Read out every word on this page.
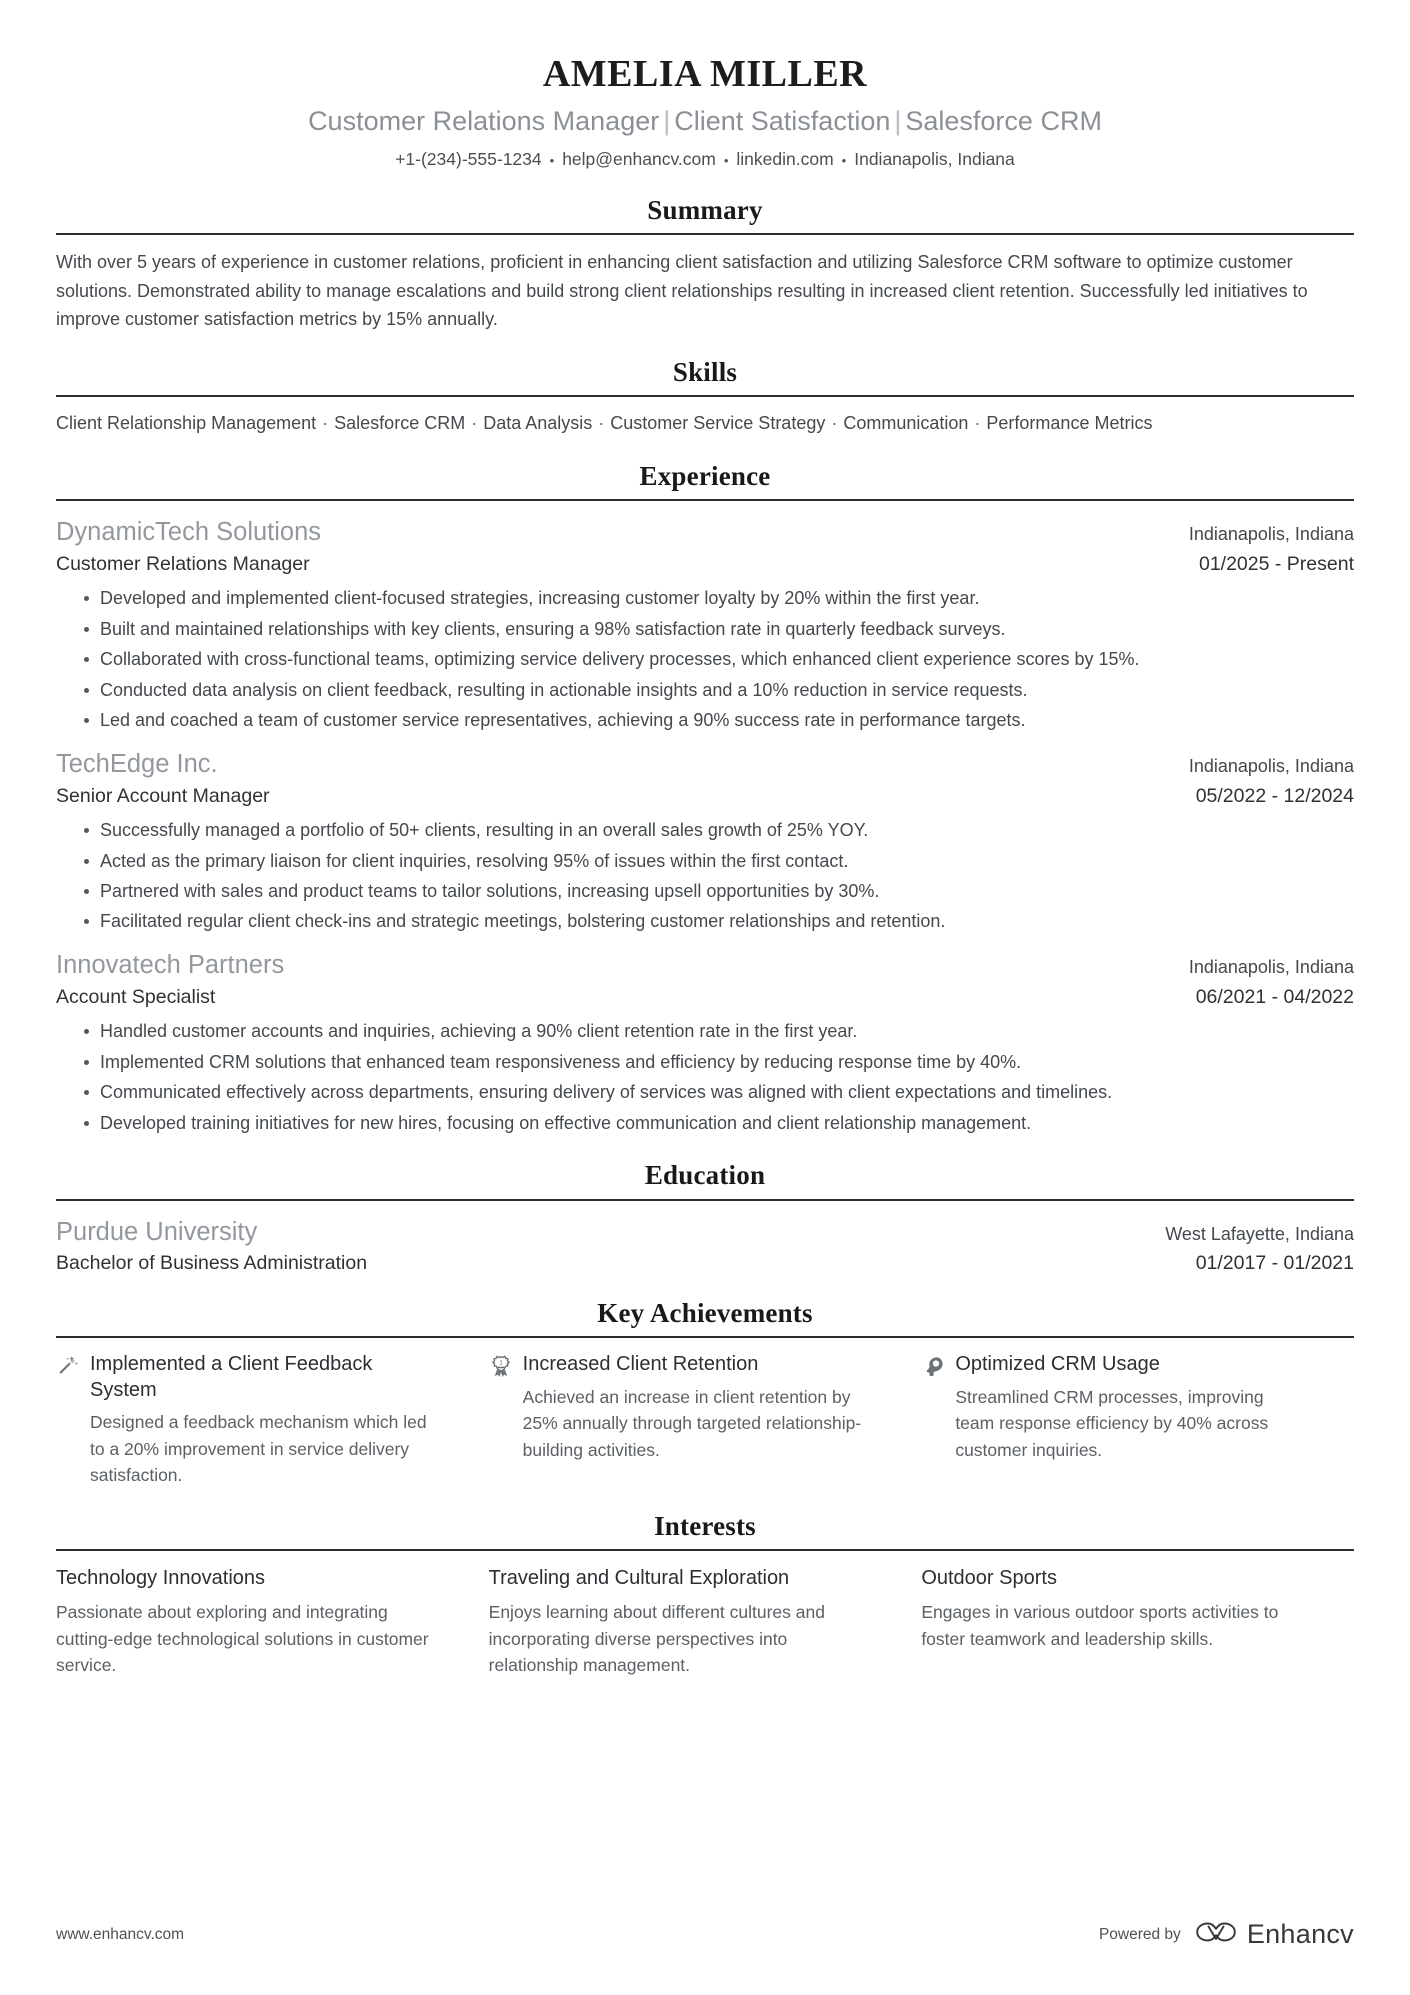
AMELIA MILLER
Customer Relations Manager | Client Satisfaction | Salesforce CRM
+1-(234)-555-1234 • help@enhancv.com • linkedin.com • Indianapolis, Indiana
Summary
With over 5 years of experience in customer relations, proficient in enhancing client satisfaction and utilizing Salesforce CRM software to optimize customer solutions. Demonstrated ability to manage escalations and build strong client relationships resulting in increased client retention. Successfully led initiatives to improve customer satisfaction metrics by 15% annually.
Skills
Client Relationship Management · Salesforce CRM · Data Analysis · Customer Service Strategy · Communication · Performance Metrics
Experience
DynamicTech Solutions	Indianapolis, Indiana
Customer Relations Manager	01/2025 - Present
Developed and implemented client-focused strategies, increasing customer loyalty by 20% within the first year.
Built and maintained relationships with key clients, ensuring a 98% satisfaction rate in quarterly feedback surveys.
Collaborated with cross-functional teams, optimizing service delivery processes, which enhanced client experience scores by 15%.
Conducted data analysis on client feedback, resulting in actionable insights and a 10% reduction in service requests.
Led and coached a team of customer service representatives, achieving a 90% success rate in performance targets.
TechEdge Inc.	Indianapolis, Indiana
Senior Account Manager	05/2022 - 12/2024
Successfully managed a portfolio of 50+ clients, resulting in an overall sales growth of 25% YOY.
Acted as the primary liaison for client inquiries, resolving 95% of issues within the first contact.
Partnered with sales and product teams to tailor solutions, increasing upsell opportunities by 30%.
Facilitated regular client check-ins and strategic meetings, bolstering customer relationships and retention.
Innovatech Partners	Indianapolis, Indiana
Account Specialist	06/2021 - 04/2022
Handled customer accounts and inquiries, achieving a 90% client retention rate in the first year.
Implemented CRM solutions that enhanced team responsiveness and efficiency by reducing response time by 40%.
Communicated effectively across departments, ensuring delivery of services was aligned with client expectations and timelines.
Developed training initiatives for new hires, focusing on effective communication and client relationship management.
Education
Purdue University	West Lafayette, Indiana
Bachelor of Business Administration	01/2017 - 01/2021
Key Achievements
Implemented a Client Feedback System
Designed a feedback mechanism which led to a 20% improvement in service delivery satisfaction.
1 Increased Client Retention
Achieved an increase in client retention by 25% annually through targeted relationship-building activities.
Optimized CRM Usage
Streamlined CRM processes, improving team response efficiency by 40% across customer inquiries.
Interests
Technology Innovations
Passionate about exploring and integrating cutting-edge technological solutions in customer service.
Traveling and Cultural Exploration
Enjoys learning about different cultures and incorporating diverse perspectives into relationship management.
Outdoor Sports
Engages in various outdoor sports activities to foster teamwork and leadership skills.
www.enhancv.com	Powered by Enhancv
